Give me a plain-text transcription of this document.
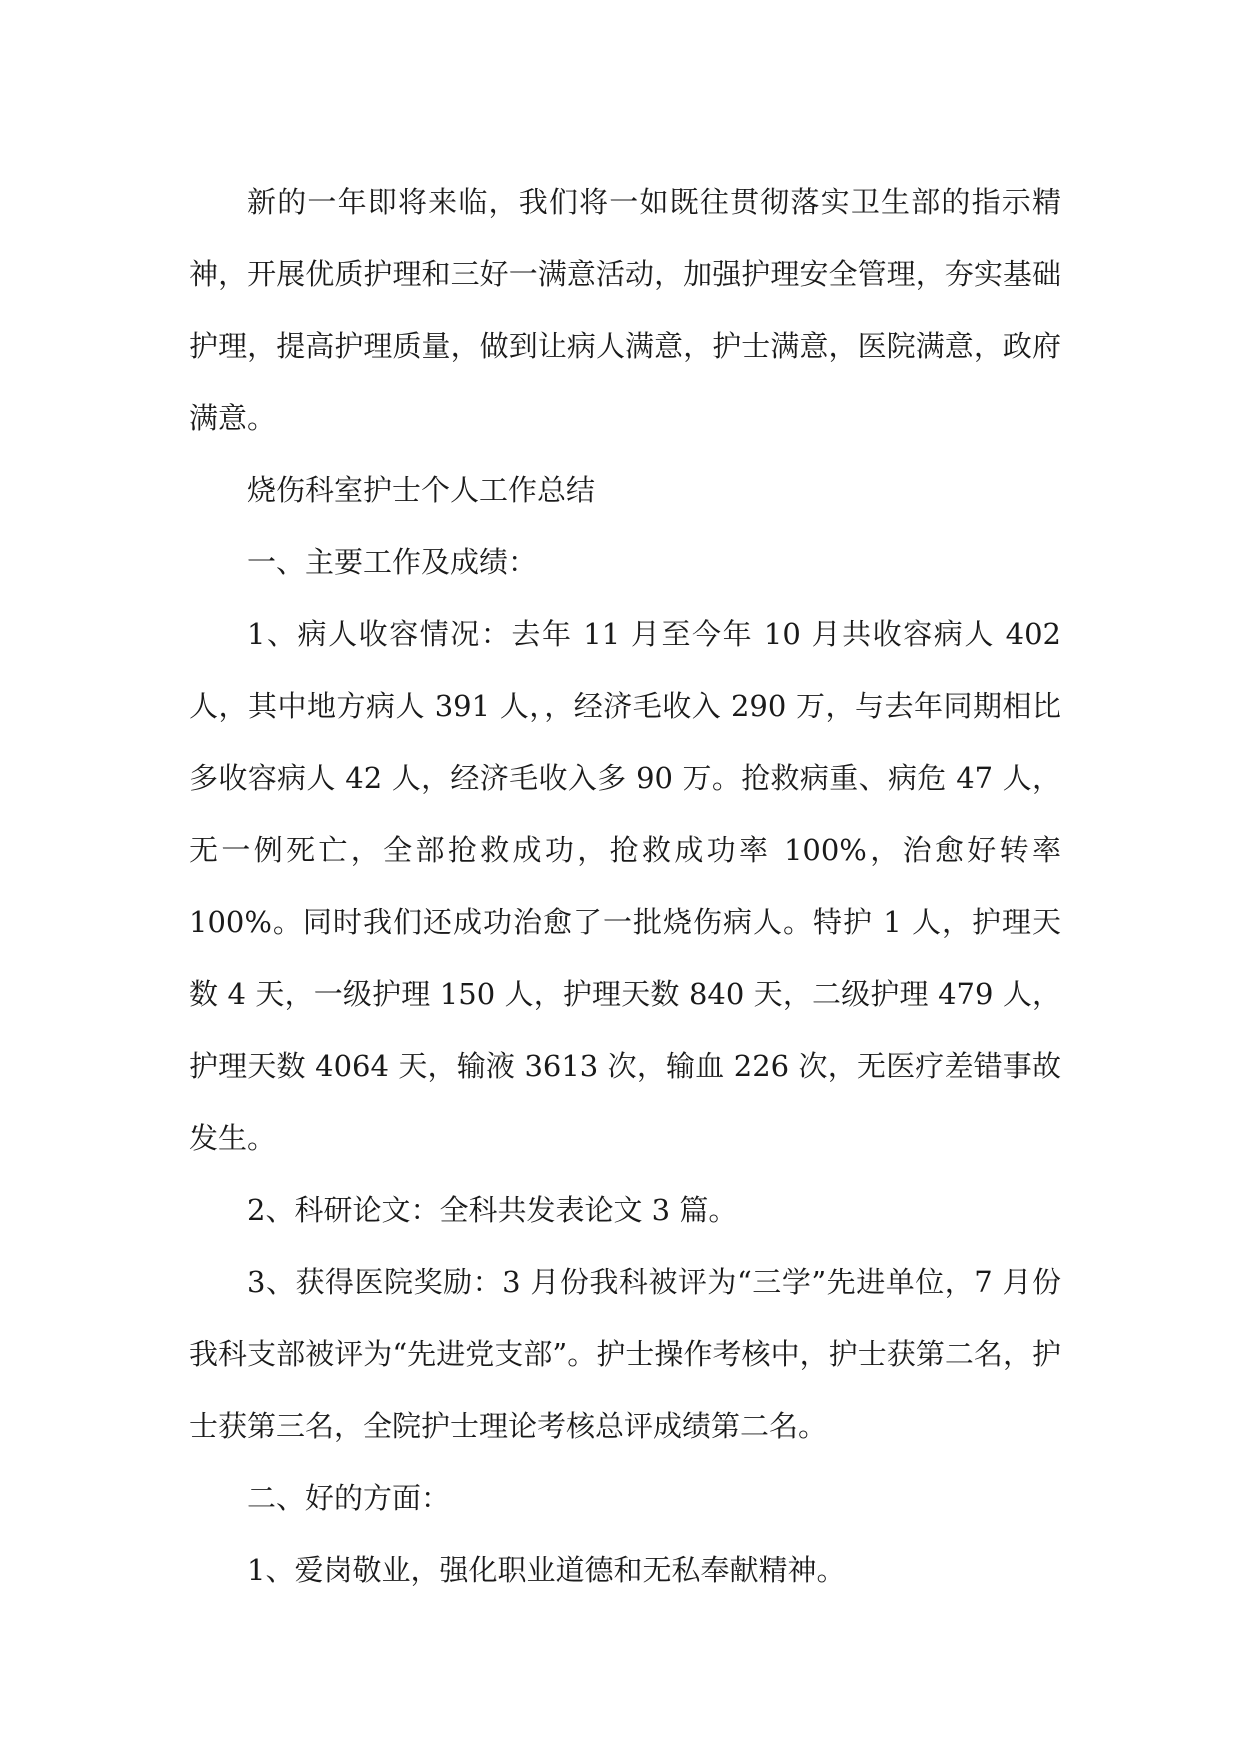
新的一年即将来临，我们将一如既往贯彻落实卫生部的指示精神，开展优质护理和三好一满意活动，加强护理安全管理，夯实基础护理，提高护理质量，做到让病人满意，护士满意，医院满意，政府满意。

烧伤科室护士个人工作总结

一、主要工作及成绩：

1、病人收容情况：去年 11 月至今年 10 月共收容病人 402 人，其中地方病人 391 人，，经济毛收入 290 万，与去年同期相比多收容病人 42 人，经济毛收入多 90 万。抢救病重、病危 47 人，无一例死亡，全部抢救成功，抢救成功率 100%，治愈好转率 100%。同时我们还成功治愈了一批烧伤病人。特护 1 人，护理天数 4 天，一级护理 150 人，护理天数 840 天，二级护理 479 人，护理天数 4064 天，输液 3613 次，输血 226 次，无医疗差错事故发生。

2、科研论文：全科共发表论文 3 篇。

3、获得医院奖励：3 月份我科被评为“三学”先进单位，7 月份我科支部被评为“先进党支部”。护士操作考核中，护士获第二名，护士获第三名，全院护士理论考核总评成绩第二名。

二、好的方面：

1、爱岗敬业，强化职业道德和无私奉献精神。
